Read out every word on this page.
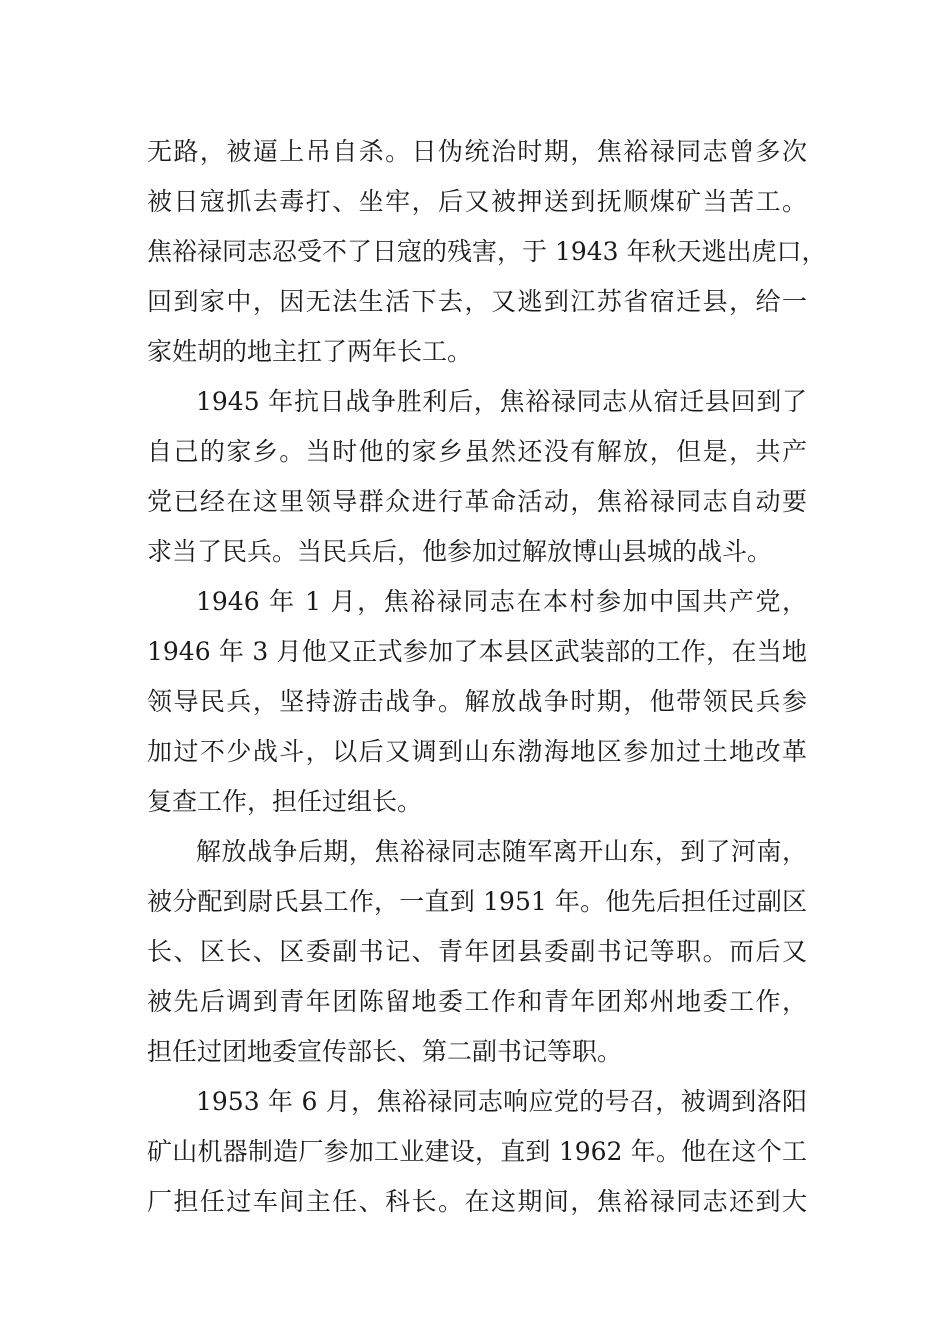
无路，被逼上吊自杀。日伪统治时期，焦裕禄同志曾多次
被日寇抓去毒打、坐牢，后又被押送到抚顺煤矿当苦工。
焦裕禄同志忍受不了日寇的残害，于 1943 年秋天逃出虎口，
回到家中，因无法生活下去，又逃到江苏省宿迁县，给一
家姓胡的地主扛了两年长工。
1945 年抗日战争胜利后，焦裕禄同志从宿迁县回到了
自己的家乡。当时他的家乡虽然还没有解放，但是，共产
党已经在这里领导群众进行革命活动，焦裕禄同志自动要
求当了民兵。当民兵后，他参加过解放博山县城的战斗。
1946 年 1 月，焦裕禄同志在本村参加中国共产党，
1946 年 3 月他又正式参加了本县区武装部的工作，在当地
领导民兵，坚持游击战争。解放战争时期，他带领民兵参
加过不少战斗，以后又调到山东渤海地区参加过土地改革
复查工作，担任过组长。
解放战争后期，焦裕禄同志随军离开山东，到了河南，
被分配到尉氏县工作，一直到 1951 年。他先后担任过副区
长、区长、区委副书记、青年团县委副书记等职。而后又
被先后调到青年团陈留地委工作和青年团郑州地委工作，
担任过团地委宣传部长、第二副书记等职。
1953 年 6 月，焦裕禄同志响应党的号召，被调到洛阳
矿山机器制造厂参加工业建设，直到 1962 年。他在这个工
厂担任过车间主任、科长。在这期间，焦裕禄同志还到大
